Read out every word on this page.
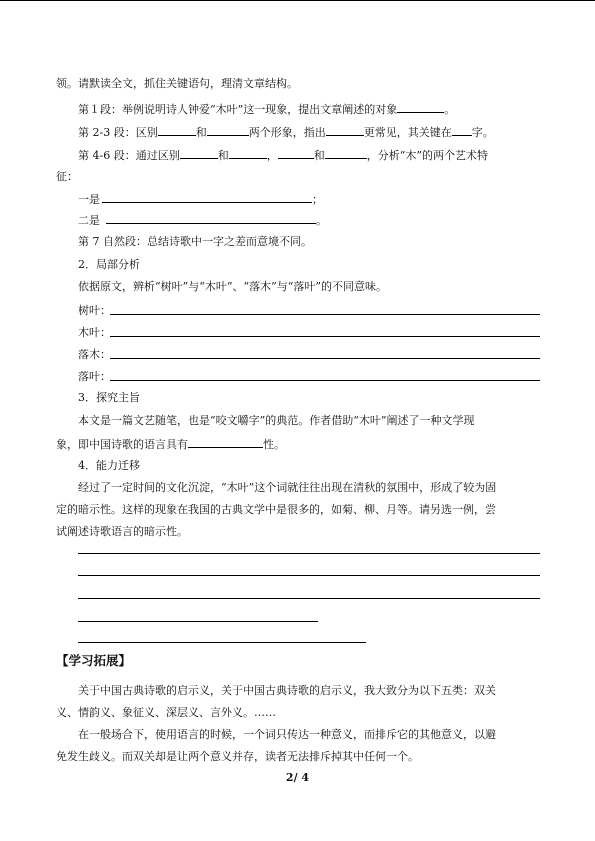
领。请默读全文，抓住关键语句，理清文章结构。
第１段：举例说明诗人钟爱“木叶”这一现象，提出文章阐述的对象	。
第 2-3 段：区别	和	两个形象，指出	更常见，其关键在 字。
第 4-6 段：通过区别	和	，	和	，分析“木”的两个艺术特
征：
一是	；
二是	。
第 7 自然段：总结诗歌中一字之差而意境不同。
2．局部分析
依据原文，辨析“树叶”与“木叶”、“落木”与“落叶”的不同意味。
树叶：
木叶：
落木：
落叶：
3．探究主旨
本文是一篇文艺随笔，也是“咬文嚼字”的典范。作者借助“木叶”阐述了一种文学现
象，即中国诗歌的语言具有	性。
4．能力迁移
经过了一定时间的文化沉淀，“木叶”这个词就往往出现在清秋的氛围中，形成了较为固
定的暗示性。这样的现象在我国的古典文学中是很多的，如菊、柳、月等。请另选一例，尝
试阐述诗歌语言的暗示性。
【学习拓展】
关于中国古典诗歌的启示义，关于中国古典诗歌的启示义，我大致分为以下五类：双关
义、情韵义、象征义、深层义、言外义。……
在一般场合下，使用语言的时候，一个词只传达一种意义，而排斥它的其他意义，以避
免发生歧义。而双关却是让两个意义并存，读者无法排斥掉其中任何一个。
2/ 4
